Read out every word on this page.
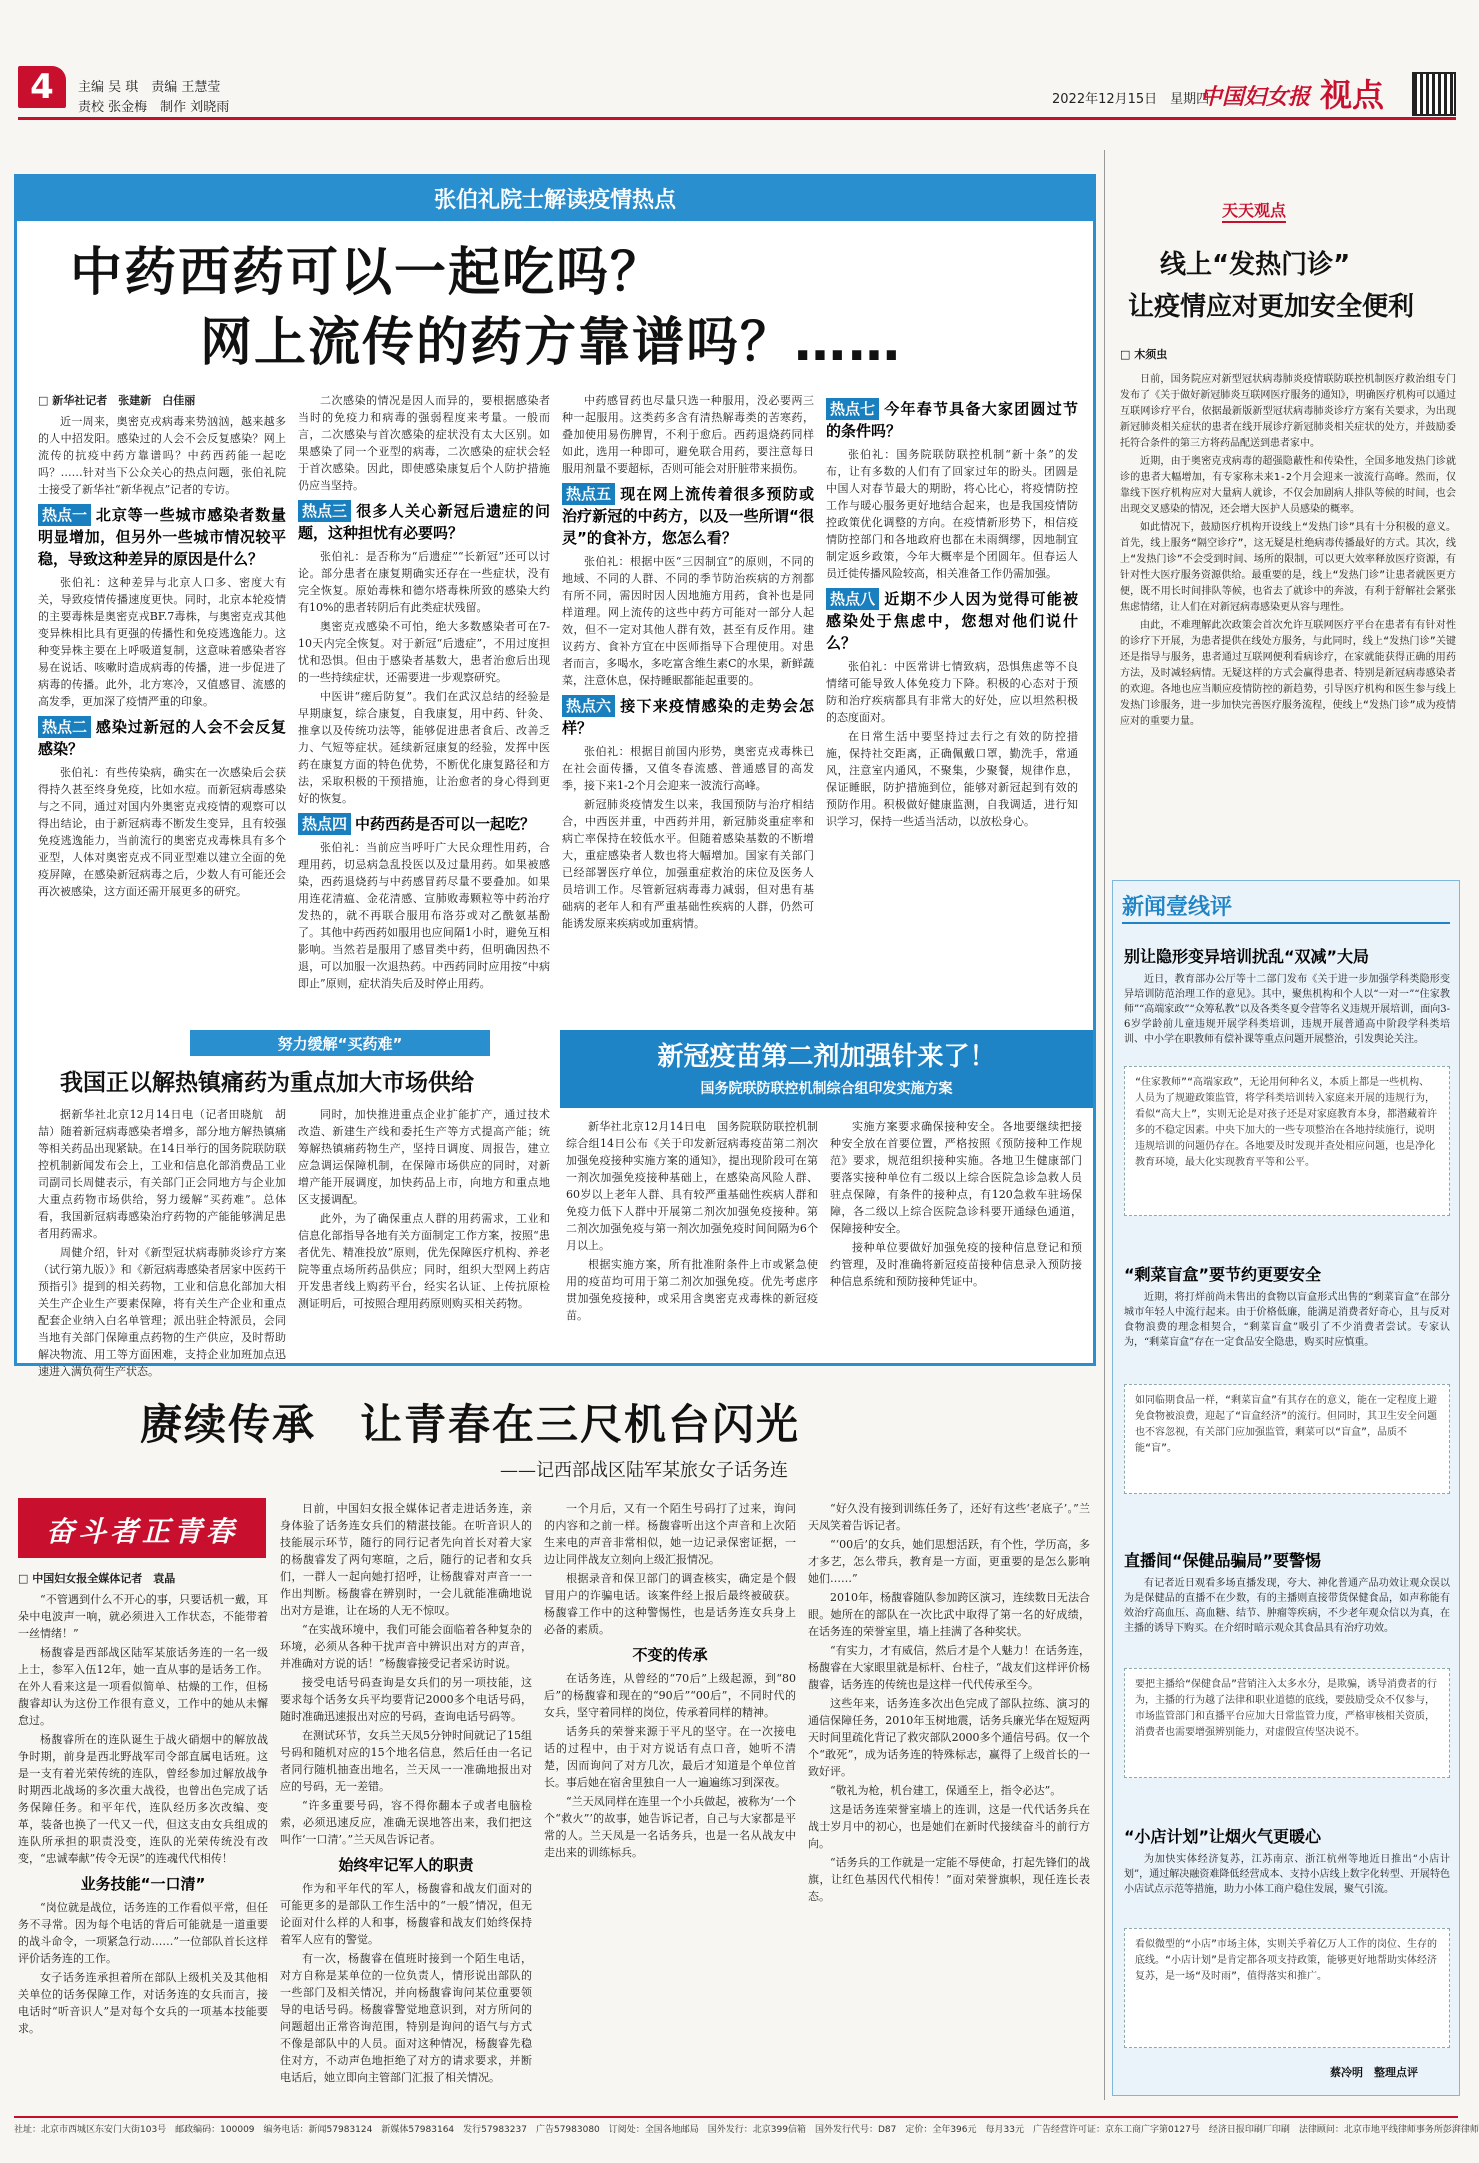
4	主编 吴 琪　责编 王慧莹
责校 张金梅　制作 刘晓雨
2022年12月15日　星期四
中国妇女报 视点
张伯礼院士解读疫情热点
中药西药可以一起吃吗？
网上流传的药方靠谱吗？……
□ 新华社记者　张建新　白佳丽

近一周来，奥密克戎病毒来势汹汹，越来越多的人中招发阳。感染过的人会不会反复感染？网上流传的抗疫中药方靠谱吗？中药西药能一起吃吗？……针对当下公众关心的热点问题，张伯礼院士接受了新华社“新华视点”记者的专访。

热点一 北京等一些城市感染者数量明显增加，但另外一些城市情况较平稳，导致这种差异的原因是什么？

张伯礼：这种差异与北京人口多、密度大有关，导致疫情传播速度更快。同时，北京本轮疫情的主要毒株是奥密克戎BF.7毒株，与奥密克戎其他变异株相比具有更强的传播性和免疫逃逸能力。这种变异株主要在上呼吸道复制，这意味着感染者容易在说话、咳嗽时造成病毒的传播，进一步促进了病毒的传播。此外，北方寒冷，又值感冒、流感的高发季，更加深了疫情严重的印象。

热点二 感染过新冠的人会不会反复感染？

张伯礼：有些传染病，确实在一次感染后会获得持久甚至终身免疫，比如水痘。而新冠病毒感染与之不同，通过对国内外奥密克戎疫情的观察可以得出结论，由于新冠病毒不断发生变异，且有较强免疫逃逸能力，当前流行的奥密克戎毒株具有多个亚型，人体对奥密克戎不同亚型难以建立全面的免疫屏障，在感染新冠病毒之后，少数人有可能还会再次被感染，这方面还需开展更多的研究。

二次感染的情况是因人而异的，要根据感染者当时的免疫力和病毒的强弱程度来考量。一般而言，二次感染与首次感染的症状没有太大区别。如果感染了同一个亚型的病毒，二次感染的症状会轻于首次感染。因此，即使感染康复后个人防护措施仍应当坚持。

热点三 很多人关心新冠后遗症的问题，这种担忧有必要吗？

张伯礼：是否称为“后遗症”“长新冠”还可以讨论。部分患者在康复期确实还存在一些症状，没有完全恢复。原始毒株和德尔塔毒株所致的感染大约有10%的患者转阴后有此类症状残留。

奥密克戎感染不可怕，绝大多数感染者可在7-10天内完全恢复。对于新冠“后遗症”，不用过度担忧和恐惧。但由于感染者基数大，患者治愈后出现的一些持续症状，还需要进一步观察研究。

中医讲“瘥后防复”。我们在武汉总结的经验是早期康复，综合康复，自我康复，用中药、针灸、推拿以及传统功法等，能够促进患者食后、改善乏力、气短等症状。延续新冠康复的经验，发挥中医药在康复方面的特色优势，不断优化康复路径和方法，采取积极的干预措施，让治愈者的身心得到更好的恢复。

热点四 中药西药是否可以一起吃？

张伯礼：当前应当呼吁广大民众理性用药，合理用药，切忌病急乱投医以及过量用药。如果被感染，西药退烧药与中药感冒药尽量不要叠加。如果用连花清瘟、金花清感、宣肺败毒颗粒等中药治疗发热的，就不再联合服用布洛芬或对乙酰氨基酚了。其他中药西药如服用也应间隔1小时，避免互相影响。当然若是服用了感冒类中药，但明确因热不退，可以加服一次退热药。中西药同时应用按“中病即止”原则，症状消失后及时停止用药。

中药感冒药也尽量只选一种服用，没必要两三种一起服用。这类药多含有清热解毒类的苦寒药，叠加使用易伤脾胃，不利于愈后。西药退烧药同样如此，选用一种即可，避免联合用药，要注意每日服用剂量不要超标，否则可能会对肝脏带来损伤。

热点五 现在网上流传着很多预防或治疗新冠的中药方，以及一些所谓“很灵”的食补方，您怎么看？

张伯礼：根据中医“三因制宜”的原则，不同的地域、不同的人群、不同的季节防治疾病的方剂都有所不同，需因时因人因地施方用药，食补也是同样道理。网上流传的这些中药方可能对一部分人起效，但不一定对其他人群有效，甚至有反作用。建议药方、食补方宜在中医师指导下合理使用。对患者而言，多喝水，多吃富含维生素C的水果，新鲜蔬菜，注意休息，保持睡眠都能起重要的。

热点六 接下来疫情感染的走势会怎样？

张伯礼：根据目前国内形势，奥密克戎毒株已在社会面传播，又值冬春流感、普通感冒的高发季，接下来1-2个月会迎来一波流行高峰。

新冠肺炎疫情发生以来，我国预防与治疗相结合，中西医并重，中西药并用，新冠肺炎重症率和病亡率保持在较低水平。但随着感染基数的不断增大，重症感染者人数也将大幅增加。国家有关部门已经部署医疗单位，加强重症救治的床位及医务人员培训工作。尽管新冠病毒毒力减弱，但对患有基础病的老年人和有严重基础性疾病的人群，仍然可能诱发原来疾病或加重病情。

热点七 今年春节具备大家团圆过节的条件吗？

张伯礼：国务院联防联控机制“新十条”的发布，让有多数的人们有了回家过年的盼头。团圆是中国人对春节最大的期盼，将心比心，将疫情防控工作与暖心服务更好地结合起来，也是我国疫情防控政策优化调整的方向。在疫情新形势下，相信疫情防控部门和各地政府也都在未雨绸缪，因地制宜制定返乡政策，今年大概率是个团圆年。但春运人员迁徙传播风险较高，相关准备工作仍需加强。

热点八 近期不少人因为觉得可能被感染处于焦虑中，您想对他们说什么？

张伯礼：中医常讲七情致病，恐惧焦虑等不良情绪可能导致人体免疫力下降。积极的心态对于预防和治疗疾病都具有非常大的好处，应以坦然积极的态度面对。

在日常生活中要坚持过去行之有效的防控措施，保持社交距离，正确佩戴口罩，勤洗手，常通风，注意室内通风，不聚集，少聚餐，规律作息，保证睡眠，防护措施到位，能够对新冠起到有效的预防作用。积极做好健康监测，自我调适，进行知识学习，保持一些适当活动，以放松身心。

努力缓解“买药难”
我国正以解热镇痛药为重点加大市场供给

据新华社北京12月14日电（记者田晓航　胡喆）随着新冠病毒感染者增多，部分地方解热镇痛等相关药品出现紧缺。在14日举行的国务院联防联控机制新闻发布会上，工业和信息化部消费品工业司副司长周健表示，有关部门正会同地方与企业加大重点药物市场供给，努力缓解“买药难”。总体看，我国新冠病毒感染治疗药物的产能能够满足患者用药需求。

周健介绍，针对《新型冠状病毒肺炎诊疗方案（试行第九版）》和《新冠病毒感染者居家中医药干预指引》提到的相关药物，工业和信息化部加大相关生产企业生产要素保障，将有关生产企业和重点配套企业纳入白名单管理；派出驻企特派员，会同当地有关部门保障重点药物的生产供应，及时帮助解决物流、用工等方面困难，支持企业加班加点迅速进入满负荷生产状态。

同时，加快推进重点企业扩能扩产，通过技术改造、新建生产线和委托生产等方式提高产能；统筹解热镇痛药物生产，坚持日调度、周报告，建立应急调运保障机制，在保障市场供应的同时，对新增产能开展调度，加快药品上市，向地方和重点地区支援调配。

此外，为了确保重点人群的用药需求，工业和信息化部指导各地有关方面制定工作方案，按照“患者优先、精准投放”原则，优先保障医疗机构、养老院等重点场所药品供应；同时，组织大型网上药店开发患者线上购药平台，经实名认证、上传抗原检测证明后，可按照合理用药原则购买相关药物。

新冠疫苗第二剂加强针来了！
国务院联防联控机制综合组印发实施方案

新华社北京12月14日电　国务院联防联控机制综合组14日公布《关于印发新冠病毒疫苗第二剂次加强免疫接种实施方案的通知》，提出现阶段可在第一剂次加强免疫接种基础上，在感染高风险人群、60岁以上老年人群、具有较严重基础性疾病人群和免疫力低下人群中开展第二剂次加强免疫接种。第二剂次加强免疫与第一剂次加强免疫时间间隔为6个月以上。

根据实施方案，所有批准附条件上市或紧急使用的疫苗均可用于第二剂次加强免疫。优先考虑序贯加强免疫接种，或采用含奥密克戎毒株的新冠疫苗。

实施方案要求确保接种安全。各地要继续把接种安全放在首要位置，严格按照《预防接种工作规范》要求，规范组织接种实施。各地卫生健康部门要落实接种单位有二级以上综合医院急诊急救人员驻点保障，有条件的接种点，有120急救车驻场保障，各二级以上综合医院急诊科要开通绿色通道，保障接种安全。

接种单位要做好加强免疫的接种信息登记和预约管理，及时准确将新冠疫苗接种信息录入预防接种信息系统和预防接种凭证中。

赓续传承　让青春在三尺机台闪光
——记西部战区陆军某旅女子话务连
奋斗者正青春
□ 中国妇女报全媒体记者　袁晶

“不管遇到什么不开心的事，只要话机一戴，耳朵中电波声一响，就必须进入工作状态，不能带着一丝情绪！”

杨馥睿是西部战区陆军某旅话务连的一名一级上士，参军入伍12年，她一直从事的是话务工作。在外人看来这是一项看似简单、枯燥的工作，但杨馥睿却认为这份工作很有意义，工作中的她从未懈怠过。

杨馥睿所在的连队诞生于战火硝烟中的解放战争时期，前身是西北野战军司令部直属电话班。这是一支有着光荣传统的连队，曾经参加过解放战争时期西北战场的多次重大战役，也曾出色完成了话务保障任务。和平年代，连队经历多次改编、变革，装备也换了一代又一代，但这支由女兵组成的连队所承担的职责没变，连队的光荣传统没有改变，“忠诚奉献”传令无误”的连魂代代相传！

业务技能“一口清”

“岗位就是战位，话务连的工作看似平常，但任务不寻常。因为每个电话的背后可能就是一道重要的战斗命令，一项紧急行动……”一位部队首长这样评价话务连的工作。

女子话务连承担着所在部队上级机关及其他相关单位的话务保障工作，对话务连的女兵而言，接电话时“听音识人”是对每个女兵的一项基本技能要求。

日前，中国妇女报全媒体记者走进话务连，亲身体验了话务连女兵们的精湛技能。在听音识人的技能展示环节，随行的同行记者先向首长对着大家的杨馥睿发了两句寒暄，之后，随行的记者和女兵们，一群人一起向她打招呼，让杨馥睿对声音一一作出判断。杨馥睿在辨别时，一会儿就能准确地说出对方是谁，让在场的人无不惊叹。

“在实战环境中，我们可能会面临着各种复杂的环境，必须从各种干扰声音中辨识出对方的声音，并准确对方说的话！”杨馥睿接受记者采访时说。

接受电话号码查询是女兵们的另一项技能，这要求每个话务女兵平均要背记2000多个电话号码，随时准确迅速报出对应的号码，查询电话号码等。

在测试环节，女兵兰天凤5分钟时间就记了15组号码和随机对应的15个地名信息，然后任由一名记者同行随机抽查出地名，兰天凤一一准确地报出对应的号码，无一差错。

“许多重要号码，容不得你翻本子或者电脑检索，必须迅速反应，准确无误地答出来，我们把这叫作‘一口清’。”兰天凤告诉记者。

始终牢记军人的职责

作为和平年代的军人，杨馥睿和战友们面对的可能更多的是部队工作生活中的“一般”情况，但无论面对什么样的人和事，杨馥睿和战友们始终保持着军人应有的警觉。

有一次，杨馥睿在值班时接到一个陌生电话，对方自称是某单位的一位负责人，情形说出部队的一些部门及相关情况，并向杨馥睿询问某位重要领导的电话号码。杨馥睿警觉地意识到，对方所问的问题超出正常咨询范围，特别是询问的语气与方式不像是部队中的人员。面对这种情况，杨馥睿先稳住对方，不动声色地拒绝了对方的请求要求，并断电话后，她立即向主管部门汇报了相关情况。

一个月后，又有一个陌生号码打了过来，询问的内容和之前一样。杨馥睿听出这个声音和上次陌生来电的声音非常相似，她一边记录保密证据，一边让同伴战友立刻向上级汇报情况。

根据录音和保卫部门的调查核实，确定是个假冒用户的诈骗电话。该案件经上报后最终被破获。杨馥睿工作中的这种警惕性，也是话务连女兵身上必备的素质。

不变的传承

在话务连，从曾经的“70后”上级起源，到“80后”的杨馥睿和现在的“90后”“00后”，不同时代的女兵，坚守着同样的岗位，传承着同样的精神。

话务兵的荣誉来源于平凡的坚守。在一次接电话的过程中，由于对方说话有点口音，她听不清楚，因而询问了对方几次，最后才知道是个单位首长。事后她在宿舍里独自一人一遍遍练习到深夜。

“兰天凤同样在连里一个小兵做起，被称为‘一个个“救火”’的故事，她告诉记者，自己与大家都是平常的人。兰天凤是一名话务兵，也是一名从战友中走出来的训练标兵。

“好久没有接到训练任务了，还好有这些‘老底子’。”兰天凤笑着告诉记者。

“‘00后’的女兵，她们思想活跃，有个性，学历高，多才多艺，怎么带兵，教育是一方面，更重要的是怎么影响她们……”

2010年，杨馥睿随队参加跨区演习，连续数日无法合眼。她所在的部队在一次比武中取得了第一名的好成绩，在话务连的荣誉室里，墙上挂满了各种奖状。

“有实力，才有威信，然后才是个人魅力！在话务连，杨馥睿在大家眼里就是标杆、台柱子，“战友们这样评价杨馥睿，话务连的传统也是这样一代代传承至今。

这些年来，话务连多次出色完成了部队拉练、演习的通信保障任务，2010年玉树地震，话务兵廉光华在短短两天时间里疏化背记了救灾部队2000多个通信号码。仅一个个“敢死”，成为话务连的特殊标志，赢得了上级首长的一致好评。

“敬礼为枪，机台建工，保通至上，指令必达”。

这是话务连荣誉室墙上的连训，这是一代代话务兵在战士岁月中的初心，也是她们在新时代接续奋斗的前行方向。

“话务兵的工作就是一定能不辱使命，打起先锋们的战旗，让红色基因代代相传！”面对荣誉旗帜，现任连长表态。

天天观点
线上“发热门诊”
让疫情应对更加安全便利
□ 木须虫

日前，国务院应对新型冠状病毒肺炎疫情联防联控机制医疗救治组专门发布了《关于做好新冠肺炎互联网医疗服务的通知》，明确医疗机构可以通过互联网诊疗平台，依据最新版新型冠状病毒肺炎诊疗方案有关要求，为出现新冠肺炎相关症状的患者在线开展诊疗新冠肺炎相关症状的处方，并鼓励委托符合条件的第三方将药品配送到患者家中。

近期，由于奥密克戎病毒的超强隐蔽性和传染性，全国多地发热门诊就诊的患者大幅增加，有专家称未来1-2个月会迎来一波流行高峰。然而，仅靠线下医疗机构应对大量病人就诊，不仅会加剧病人排队等候的时间，也会出现交叉感染的情况，还会增大医护人员感染的概率。

如此情况下，鼓励医疗机构开设线上“发热门诊”具有十分积极的意义。首先，线上服务“隔空诊疗”，这无疑是杜绝病毒传播最好的方式。其次，线上“发热门诊”不会受到时间、场所的限制，可以更大效率释放医疗资源，有针对性大医疗服务资源供给。最重要的是，线上“发热门诊”让患者就医更方便，既不用长时间排队等候，也省去了就诊中的奔波，有利于舒解社会紧张焦虑情绪，让人们在对新冠病毒感染更从容与理性。

由此，不难理解此次政策会首次允许互联网医疗平台在患者有有针对性的诊疗下开展，为患者提供在线处方服务，与此同时，线上“发热门诊”关键还是指导与服务，患者通过互联网便利看病诊疗，在家就能获得正确的用药方法，及时减轻病情。无疑这样的方式会赢得患者、特别是新冠病毒感染者的欢迎。各地也应当顺应疫情防控的新趋势，引导医疗机构和医生参与线上发热门诊服务，进一步加快完善医疗服务流程，使线上“发热门诊”成为疫情应对的重要力量。

新闻壹线评
别让隐形变异培训扰乱“双减”大局

近日，教育部办公厅等十二部门发布《关于进一步加强学科类隐形变异培训防范治理工作的意见》。其中，聚焦机构和个人以“一对一”“住家教师”“高端家政”“众筹私教”以及各类冬夏令营等名义违规开展培训，面向3-6岁学龄前儿童违规开展学科类培训，违规开展普通高中阶段学科类培训、中小学在职教师有偿补课等重点问题开展整治，引发舆论关注。

“住家教师”“高端家政”，无论用何种名义，本质上都是一些机构、人员为了规避政策监管，将学科类培训转入家庭来开展的违规行为，看似“高大上”，实则无论是对孩子还是对家庭教育本身，都潜藏着许多的不稳定因素。中央下加大的一些专项整治在各地持续施行，说明违规培训的问题仍存在。各地要及时发现并查处相应问题，也是净化教育环境，最大化实现教育平等和公平。
“剩菜盲盒”要节约更要安全

近期，将打烊前尚未售出的食物以盲盒形式出售的“剩菜盲盒”在部分城市年轻人中流行起来。由于价格低廉，能满足消费者好奇心，且与反对食物浪费的理念相契合，“剩菜盲盒”吸引了不少消费者尝试。专家认为，“剩菜盲盒”存在一定食品安全隐患，购买时应慎重。

如同临期食品一样，“剩菜盲盒”有其存在的意义，能在一定程度上避免食物被浪费，迎起了“盲盒经济”的流行。但同时，其卫生安全问题也不容忽视，有关部门应加强监管，剩菜可以“盲盒”，品质不能“盲”。
直播间“保健品骗局”要警惕

有记者近日观看多场直播发现，夸大、神化普通产品功效让观众误以为是保健品的直播不在少数，有的主播则直接带货保健食品，如声称能有效治疗高血压、高血糖、结节、肿瘤等疾病，不少老年观众信以为真，在主播的诱导下购买。在介绍时暗示观众其食品具有治疗功效。

要把主播给“保健食品”营销注入太多水分，是欺骗，诱导消费者的行为，主播的行为越了法律和职业道德的底线，要鼓励受众不仅参与，市场监管部门和直播平台应加大日常监管力度，严格审核相关资质，消费者也需要增强辨别能力，对虚假宣传坚决说不。
“小店计划”让烟火气更暖心

为加快实体经济复苏，江苏南京、浙江杭州等地近日推出“小店计划”，通过解决融资难降低经营成本、支持小店线上数字化转型、开展特色小店试点示范等措施，助力小体工商户稳住发展，聚气引流。

看似微型的“小店”市场主体，实则关乎着亿万人工作的岗位、生存的底线。“小店计划”是肯定都各项支持政策，能够更好地帮助实体经济复苏，是一场“及时雨”，值得落实和推广。
蔡冷明　整理点评
社址：北京市西城区东安门大街103号　邮政编码：100009　编务电话：新闻57983124　新媒体57983164　发行57983237　广告57983080　订阅处：全国各地邮局　国外发行：北京399信箱　国外发行代号：D87　定价：全年396元　每月33元　广告经营许可证：京东工商广字第0127号　经济日报印刷厂印刷　法律顾问：北京市地平线律师事务所彭湃律师
